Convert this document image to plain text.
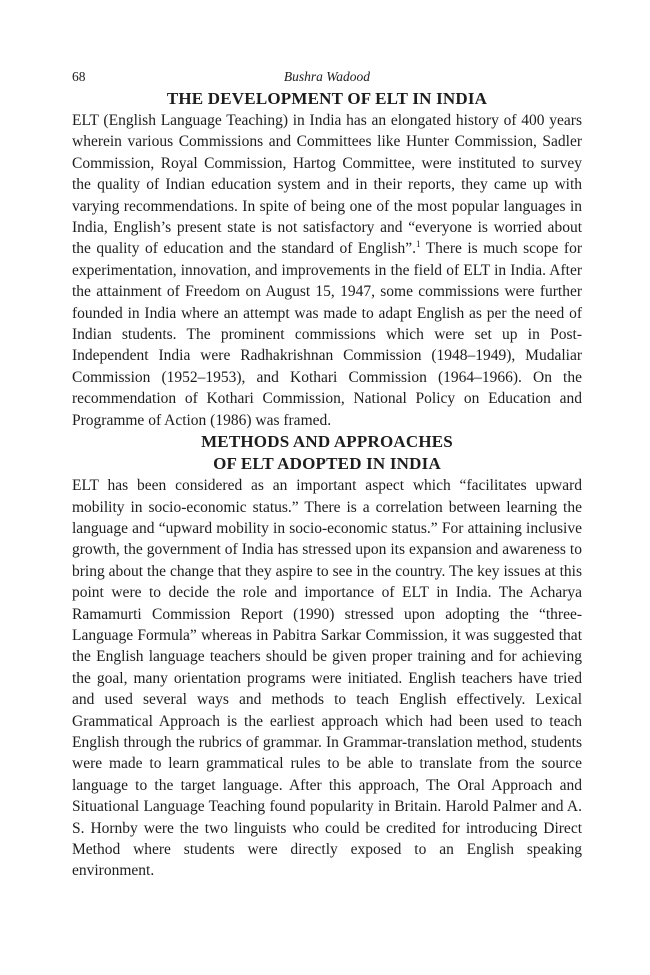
68	Bushra Wadood
THE DEVELOPMENT OF ELT IN INDIA

ELT (English Language Teaching) in India has an elongated history of 400 years wherein various Commissions and Committees like Hunter Commission, Sadler Commission, Royal Commission, Hartog Committee, were instituted to survey the quality of Indian education system and in their reports, they came up with varying recommendations. In spite of being one of the most popular languages in India, English’s present state is not satisfactory and “everyone is worried about the quality of education and the standard of English”.$^1$ There is much scope for experimentation, innovation, and improvements in the field of ELT in India. After the attainment of Freedom on August 15, 1947, some commissions were further founded in India where an attempt was made to adapt English as per the need of Indian students. The prominent commissions which were set up in Post-Independent India were Radhakrishnan Commission (1948–1949), Mudaliar Commission (1952–1953), and Kothari Commission (1964–1966). On the recommendation of Kothari Commission, National Policy on Education and Programme of Action (1986) was framed.

METHODS AND APPROACHES
OF ELT ADOPTED IN INDIA

ELT has been considered as an important aspect which “facilitates upward mobility in socio-economic status.” There is a correlation between learning the language and “upward mobility in socio-economic status.” For attaining inclusive growth, the government of India has stressed upon its expansion and awareness to bring about the change that they aspire to see in the country. The key issues at this point were to decide the role and importance of ELT in India. The Acharya Ramamurti Commission Report (1990) stressed upon adopting the “three-Language Formula” whereas in Pabitra Sarkar Commission, it was suggested that the English language teachers should be given proper training and for achieving the goal, many orientation programs were initiated. English teachers have tried and used several ways and methods to teach English effectively. Lexical Grammatical Approach is the earliest approach which had been used to teach English through the rubrics of grammar. In Grammar-translation method, students were made to learn grammatical rules to be able to translate from the source language to the target language. After this approach, The Oral Approach and Situational Language Teaching found popularity in Britain. Harold Palmer and A. S. Hornby were the two linguists who could be credited for introducing Direct Method where students were directly exposed to an English speaking environment.
